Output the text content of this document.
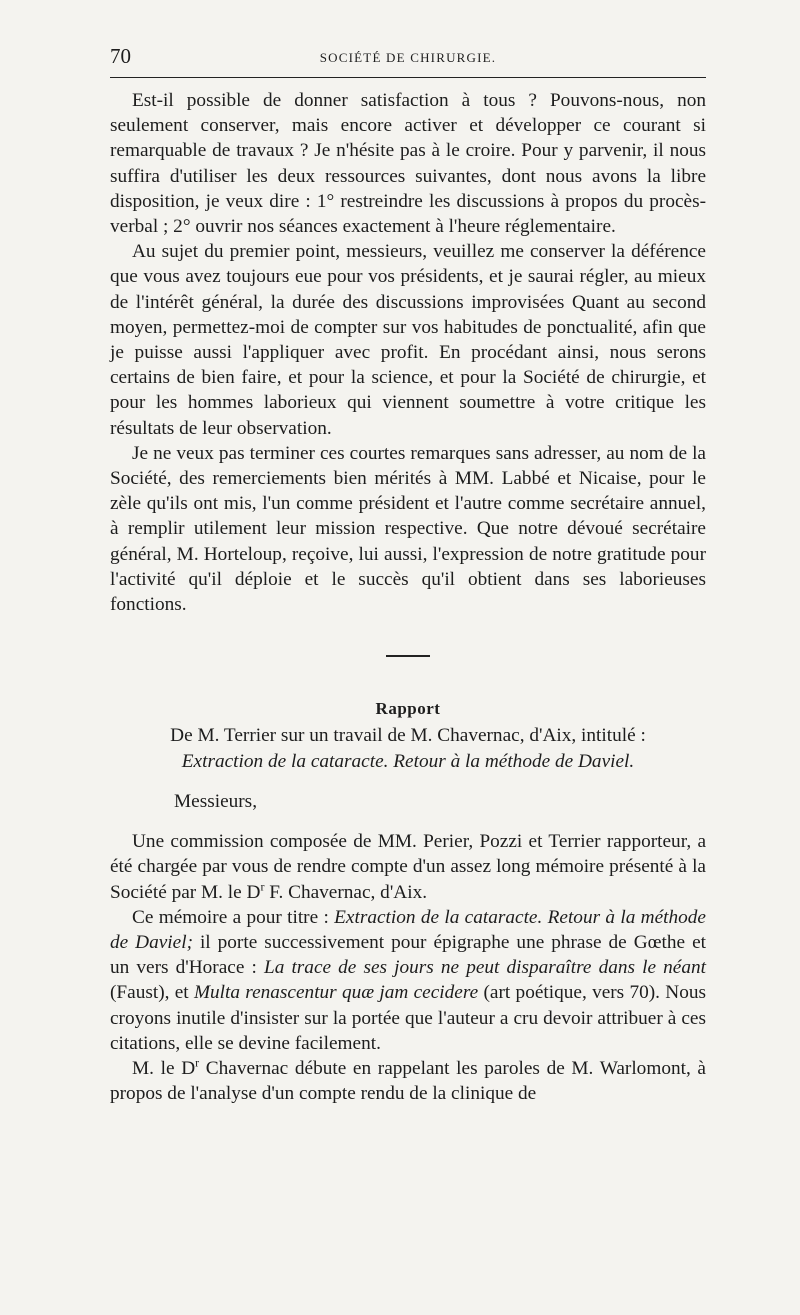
70	SOCIÉTÉ DE CHIRURGIE.

Est-il possible de donner satisfaction à tous ? Pouvons-nous, non seulement conserver, mais encore activer et développer ce courant si remarquable de travaux ? Je n'hésite pas à le croire. Pour y parvenir, il nous suffira d'utiliser les deux ressources suivantes, dont nous avons la libre disposition, je veux dire : 1° restreindre les discussions à propos du procès-verbal ; 2° ouvrir nos séances exactement à l'heure réglementaire.

Au sujet du premier point, messieurs, veuillez me conserver la déférence que vous avez toujours eue pour vos présidents, et je saurai régler, au mieux de l'intérêt général, la durée des discussions improvisées Quant au second moyen, permettez-moi de compter sur vos habitudes de ponctualité, afin que je puisse aussi l'appliquer avec profit. En procédant ainsi, nous serons certains de bien faire, et pour la science, et pour la Société de chirurgie, et pour les hommes laborieux qui viennent soumettre à votre critique les résultats de leur observation.

Je ne veux pas terminer ces courtes remarques sans adresser, au nom de la Société, des remerciements bien mérités à MM. Labbé et Nicaise, pour le zèle qu'ils ont mis, l'un comme président et l'autre comme secrétaire annuel, à remplir utilement leur mission respective. Que notre dévoué secrétaire général, M. Horteloup, reçoive, lui aussi, l'expression de notre gratitude pour l'activité qu'il déploie et le succès qu'il obtient dans ses laborieuses fonctions.

Rapport
De M. Terrier sur un travail de M. Chavernac, d'Aix, intitulé :
Extraction de la cataracte. Retour à la méthode de Daviel.

Messieurs,

Une commission composée de MM. Perier, Pozzi et Terrier rapporteur, a été chargée par vous de rendre compte d'un assez long mémoire présenté à la Société par M. le $D^r$ F. Chavernac, d'Aix.

Ce mémoire a pour titre : Extraction de la cataracte. Retour à la méthode de Daviel; il porte successivement pour épigraphe une phrase de Gœthe et un vers d'Horace : La trace de ses jours ne peut disparaître dans le néant (Faust), et Multa renascentur quæ jam cecidere (art poétique, vers 70). Nous croyons inutile d'insister sur la portée que l'auteur a cru devoir attribuer à ces citations, elle se devine facilement.

M. le $D^r$ Chavernac débute en rappelant les paroles de M. Warlomont, à propos de l'analyse d'un compte rendu de la clinique de
